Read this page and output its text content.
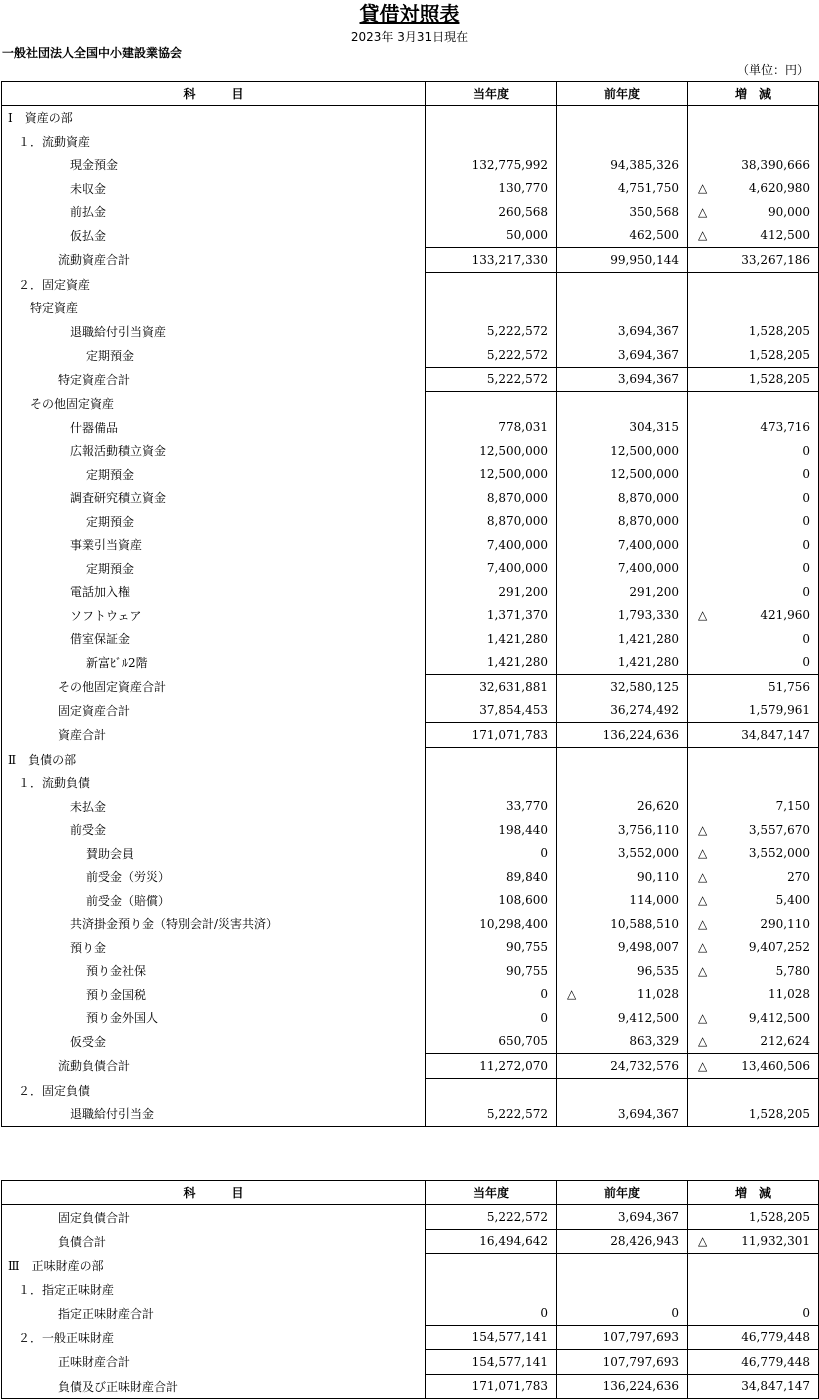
貸借対照表
2023年 3月31日現在
一般社団法人全国中小建設業協会
（単位：円）
科　　　目	当年度	前年度	増　減
Ⅰ　資産の部			
１．流動資産			
現金預金	132,775,992	94,385,326	38,390,666
未収金	130,770	4,751,750	△ 4,620,980
前払金	260,568	350,568	△ 90,000
仮払金	50,000	462,500	△ 412,500
流動資産合計	133,217,330	99,950,144	33,267,186
２．固定資産			
特定資産			
退職給付引当資産	5,222,572	3,694,367	1,528,205
定期預金	5,222,572	3,694,367	1,528,205
特定資産合計	5,222,572	3,694,367	1,528,205
その他固定資産			
什器備品	778,031	304,315	473,716
広報活動積立資金	12,500,000	12,500,000	0
定期預金	12,500,000	12,500,000	0
調査研究積立資金	8,870,000	8,870,000	0
定期預金	8,870,000	8,870,000	0
事業引当資産	7,400,000	7,400,000	0
定期預金	7,400,000	7,400,000	0
電話加入権	291,200	291,200	0
ソフトウェア	1,371,370	1,793,330	△ 421,960
借室保証金	1,421,280	1,421,280	0
新富ﾋﾞﾙ2階	1,421,280	1,421,280	0
その他固定資産合計	32,631,881	32,580,125	51,756
固定資産合計	37,854,453	36,274,492	1,579,961
資産合計	171,071,783	136,224,636	34,847,147
Ⅱ　負債の部			
１．流動負債			
未払金	33,770	26,620	7,150
前受金	198,440	3,756,110	△ 3,557,670
賛助会員	0	3,552,000	△ 3,552,000
前受金（労災）	89,840	90,110	△ 270
前受金（賠償）	108,600	114,000	△ 5,400
共済掛金預り金（特別会計/災害共済）	10,298,400	10,588,510	△ 290,110
預り金	90,755	9,498,007	△ 9,407,252
預り金社保	90,755	96,535	△ 5,780
預り金国税	0	△ 11,028	11,028
預り金外国人	0	9,412,500	△ 9,412,500
仮受金	650,705	863,329	△ 212,624
流動負債合計	11,272,070	24,732,576	△ 13,460,506
２．固定負債			
退職給付引当金	5,222,572	3,694,367	1,528,205
科　　　目	当年度	前年度	増　減
固定負債合計	5,222,572	3,694,367	1,528,205
負債合計	16,494,642	28,426,943	△ 11,932,301
Ⅲ　正味財産の部			
１．指定正味財産			
指定正味財産合計	0	0	0
２．一般正味財産	154,577,141	107,797,693	46,779,448
正味財産合計	154,577,141	107,797,693	46,779,448
負債及び正味財産合計	171,071,783	136,224,636	34,847,147
